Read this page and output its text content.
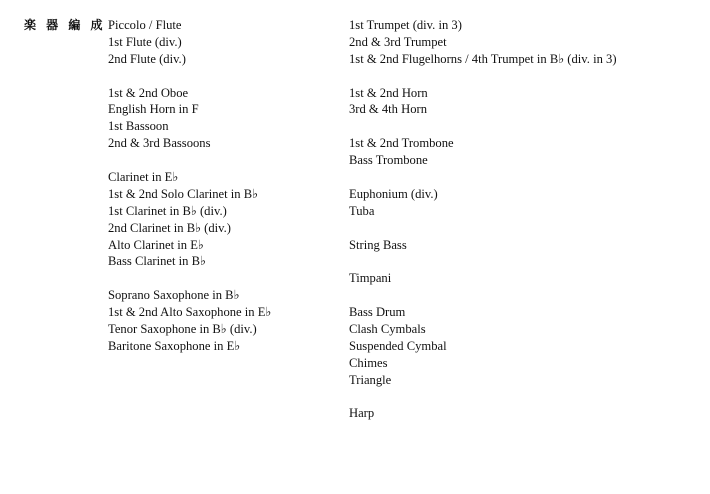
楽 器 編 成 Piccolo / Flute
1st Flute (div.)
2nd Flute (div.)
1st & 2nd Oboe
English Horn in F
1st Bassoon
2nd & 3rd Bassoons
Clarinet in E♭
1st & 2nd Solo Clarinet in B♭
1st Clarinet in B♭ (div.)
2nd Clarinet in B♭ (div.)
Alto Clarinet in E♭
Bass Clarinet in B♭
Soprano Saxophone in B♭
1st & 2nd Alto Saxophone in E♭
Tenor Saxophone in B♭ (div.)
Baritone Saxophone in E♭
1st Trumpet (div. in 3)
2nd & 3rd Trumpet
1st & 2nd Flugelhorns / 4th Trumpet in B♭ (div. in 3)
1st & 2nd Horn
3rd & 4th Horn
1st & 2nd Trombone
Bass Trombone
Euphonium (div.)
Tuba
String Bass
Timpani
Bass Drum
Clash Cymbals
Suspended Cymbal
Chimes
Triangle
Harp
